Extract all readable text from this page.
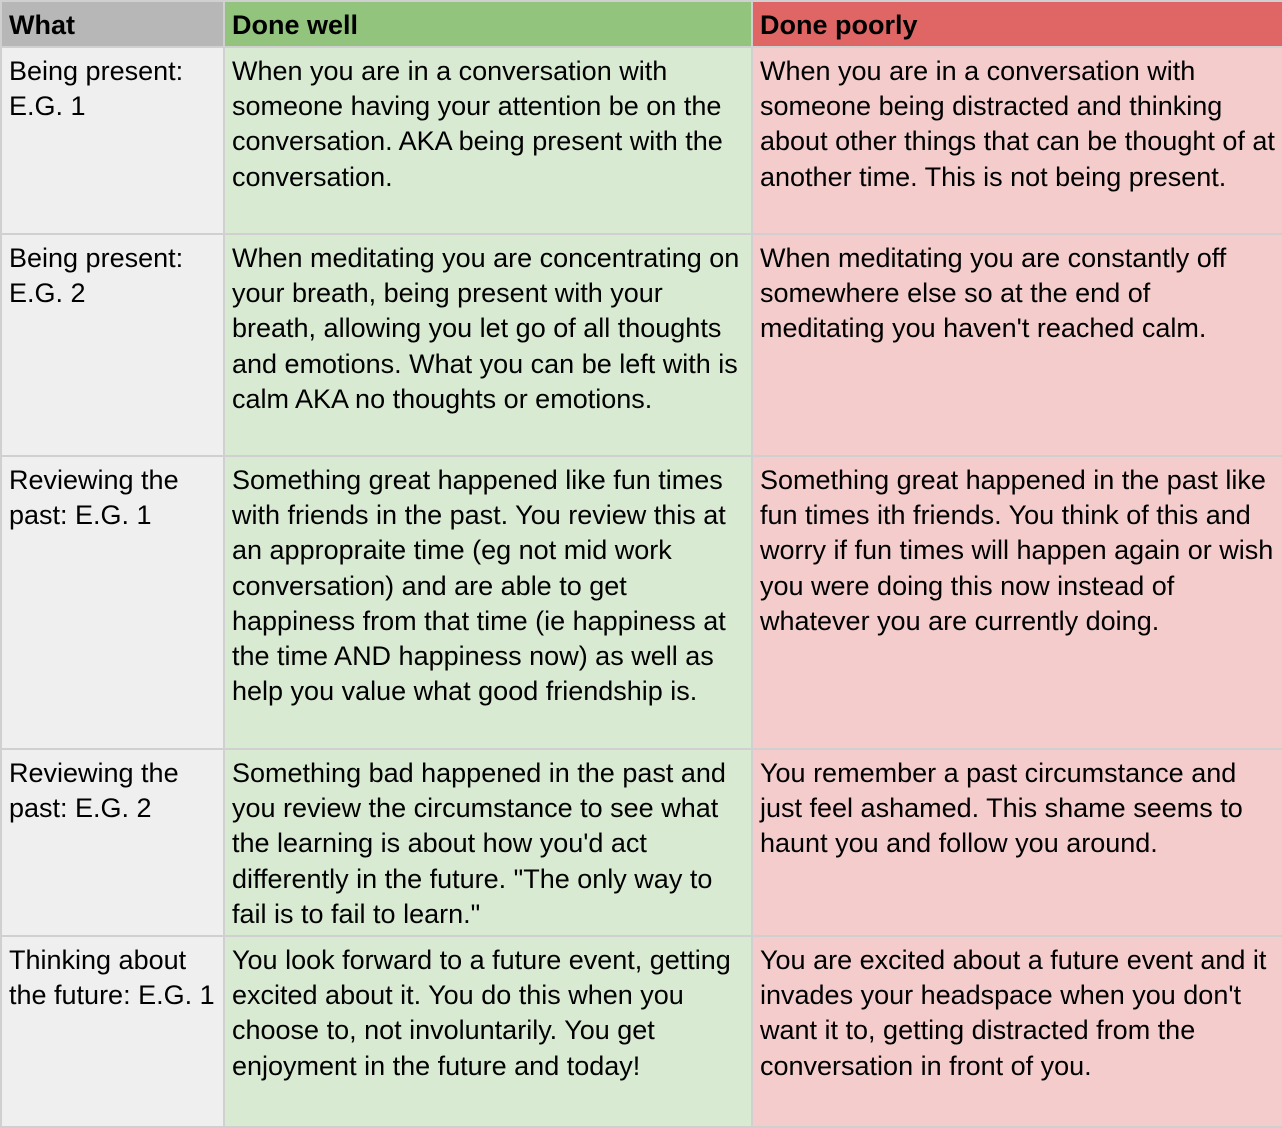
What	Done well	Done poorly
Being present: E.G. 1	When you are in a conversation with someone having your attention be on the conversation. AKA being present with the conversation.	When you are in a conversation with someone being distracted and thinking about other things that can be thought of at another time. This is not being present.
Being present: E.G. 2	When meditating you are concentrating on your breath, being present with your breath, allowing you let go of all thoughts and emotions. What you can be left with is calm AKA no thoughts or emotions.	When meditating you are constantly off somewhere else so at the end of meditating you haven't reached calm.
Reviewing the past: E.G. 1	Something great happened like fun times with friends in the past. You review this at an appropraite time (eg not mid work conversation) and are able to get happiness from that time (ie happiness at the time AND happiness now) as well as help you value what good friendship is.	Something great happened in the past like fun times ith friends. You think of this and worry if fun times will happen again or wish you were doing this now instead of whatever you are currently doing.
Reviewing the past: E.G. 2	Something bad happened in the past and you review the circumstance to see what the learning is about how you'd act differently in the future. "The only way to fail is to fail to learn."	You remember a past circumstance and just feel ashamed. This shame seems to haunt you and follow you around.
Thinking about the future: E.G. 1	You look forward to a future event, getting excited about it. You do this when you choose to, not involuntarily. You get enjoyment in the future and today!	You are excited about a future event and it invades your headspace when you don't want it to, getting distracted from the conversation in front of you.
